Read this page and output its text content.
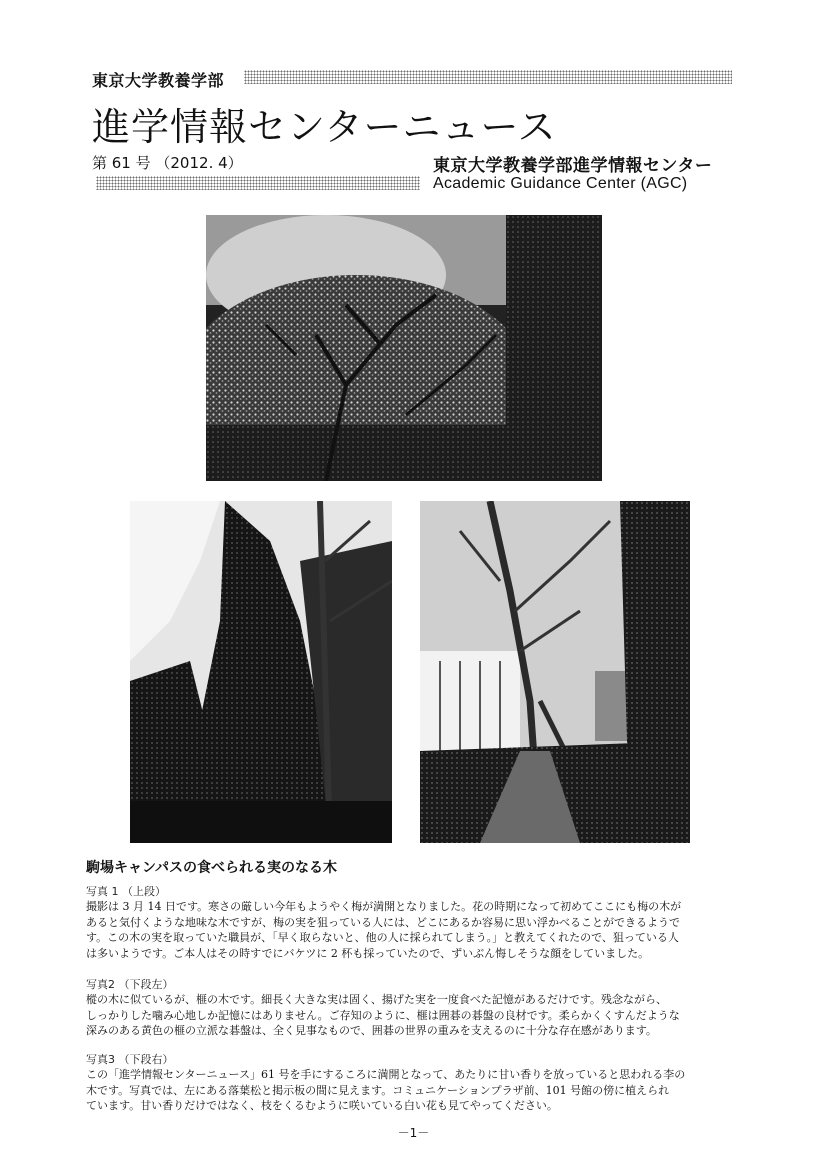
東京大学教養学部
進学情報センターニュース
第 61 号 （2012. 4）	東京大学教養学部進学情報センター
Academic Guidance Center (AGC)
駒場キャンパスの食べられる実のなる木
写真 1 （上段）
撮影は 3 月 14 日です。寒さの厳しい今年もようやく梅が満開となりました。花の時期になって初めてここにも梅の木が
あると気付くような地味な木ですが、梅の実を狙っている人には、どこにあるか容易に思い浮かべることができるようで
す。この木の実を取っていた職員が、「早く取らないと、他の人に採られてしまう。」と教えてくれたので、狙っている人
は多いようです。ご本人はその時すでにバケツに 2 杯も採っていたので、ずいぶん悔しそうな顔をしていました。
写真2 （下段左）
樅の木に似ているが、榧の木です。細長く大きな実は固く、揚げた実を一度食べた記憶があるだけです。残念ながら、
しっかりした噛み心地しか記憶にはありません。ご存知のように、榧は囲碁の碁盤の良材です。柔らかくくすんだような
深みのある黄色の榧の立派な碁盤は、全く見事なもので、囲碁の世界の重みを支えるのに十分な存在感があります。
写真3 （下段右）
この「進学情報センターニュース」61 号を手にするころに満開となって、あたりに甘い香りを放っていると思われる李の
木です。写真では、左にある落葉松と掲示板の間に見えます。コミュニケーションプラザ前、101 号館の傍に植えられ
ています。甘い香りだけではなく、枝をくるむように咲いている白い花も見てやってください。
－1－
